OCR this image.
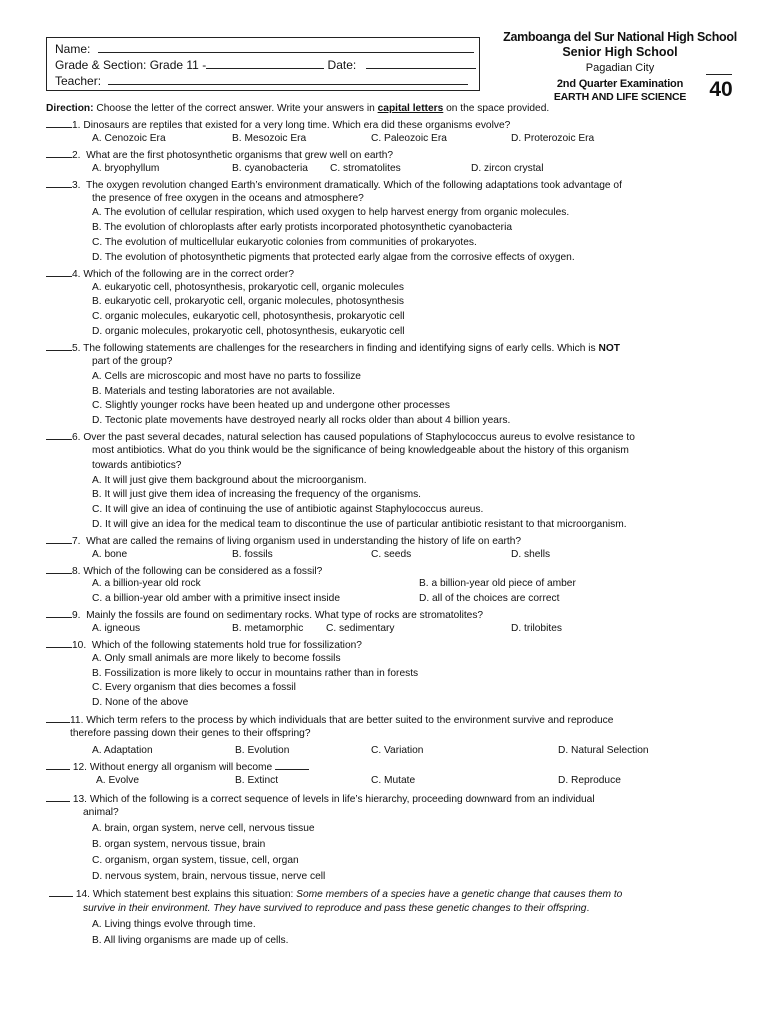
Name:
Grade & Section: Grade 11 -	Date:
Teacher:
Zamboanga del Sur National High School
Senior High School
Pagadian City
2nd Quarter Examination
EARTH AND LIFE SCIENCE	40
Direction: Choose the letter of the correct answer. Write your answers in capital letters on the space provided.
1. Dinosaurs are reptiles that existed for a very long time. Which era did these organisms evolve?
A. Cenozoic Era	B. Mesozoic Era	C. Paleozoic Era	D. Proterozoic Era
2. What are the first photosynthetic organisms that grew well on earth?
A. bryophyllum	B. cyanobacteria C. stromatolites	D. zircon crystal
3. The oxygen revolution changed Earth’s environment dramatically. Which of the following adaptations took advantage of
the presence of free oxygen in the oceans and atmosphere?
A. The evolution of cellular respiration, which used oxygen to help harvest energy from organic molecules.
B. The evolution of chloroplasts after early protists incorporated photosynthetic cyanobacteria
C. The evolution of multicellular eukaryotic colonies from communities of prokaryotes.
D. The evolution of photosynthetic pigments that protected early algae from the corrosive effects of oxygen.
4. Which of the following are in the correct order?
A. eukaryotic cell, photosynthesis, prokaryotic cell, organic molecules
B. eukaryotic cell, prokaryotic cell, organic molecules, photosynthesis
C. organic molecules, eukaryotic cell, photosynthesis, prokaryotic cell
D. organic molecules, prokaryotic cell, photosynthesis, eukaryotic cell
5. The following statements are challenges for the researchers in finding and identifying signs of early cells. Which is NOT
part of the group?
A. Cells are microscopic and most have no parts to fossilize
B. Materials and testing laboratories are not available.
C. Slightly younger rocks have been heated up and undergone other processes
D. Tectonic plate movements have destroyed nearly all rocks older than about 4 billion years.
6. Over the past several decades, natural selection has caused populations of Staphylococcus aureus to evolve resistance to
most antibiotics. What do you think would be the significance of being knowledgeable about the history of this organism
towards antibiotics?
A. It will just give them background about the microorganism.
B. It will just give them idea of increasing the frequency of the organisms.
C. It will give an idea of continuing the use of antibiotic against Staphylococcus aureus.
D. It will give an idea for the medical team to discontinue the use of particular antibiotic resistant to that microorganism.
7. What are called the remains of living organism used in understanding the history of life on earth?
A. bone	B. fossils	C. seeds	D. shells
8. Which of the following can be considered as a fossil?
A. a billion-year old rock	B. a billion-year old piece of amber
C. a billion-year old amber with a primitive insect inside	D. all of the choices are correct
9. Mainly the fossils are found on sedimentary rocks. What type of rocks are stromatolites?
A. igneous	B. metamorphic C. sedimentary	D. trilobites
10. Which of the following statements hold true for fossilization?
A. Only small animals are more likely to become fossils
B. Fossilization is more likely to occur in mountains rather than in forests
C. Every organism that dies becomes a fossil
D. None of the above
11. Which term refers to the process by which individuals that are better suited to the environment survive and reproduce
therefore passing down their genes to their offspring?
A. Adaptation	B. Evolution	C. Variation	D. Natural Selection
12. Without energy all organism will become
A. Evolve	B. Extinct	C. Mutate	D. Reproduce
13. Which of the following is a correct sequence of levels in life’s hierarchy, proceeding downward from an individual
animal?
A. brain, organ system, nerve cell, nervous tissue
B. organ system, nervous tissue, brain
C. organism, organ system, tissue, cell, organ
D. nervous system, brain, nervous tissue, nerve cell
14. Which statement best explains this situation: Some members of a species have a genetic change that causes them to
survive in their environment. They have survived to reproduce and pass these genetic changes to their offspring.
A. Living things evolve through time.
B. All living organisms are made up of cells.
